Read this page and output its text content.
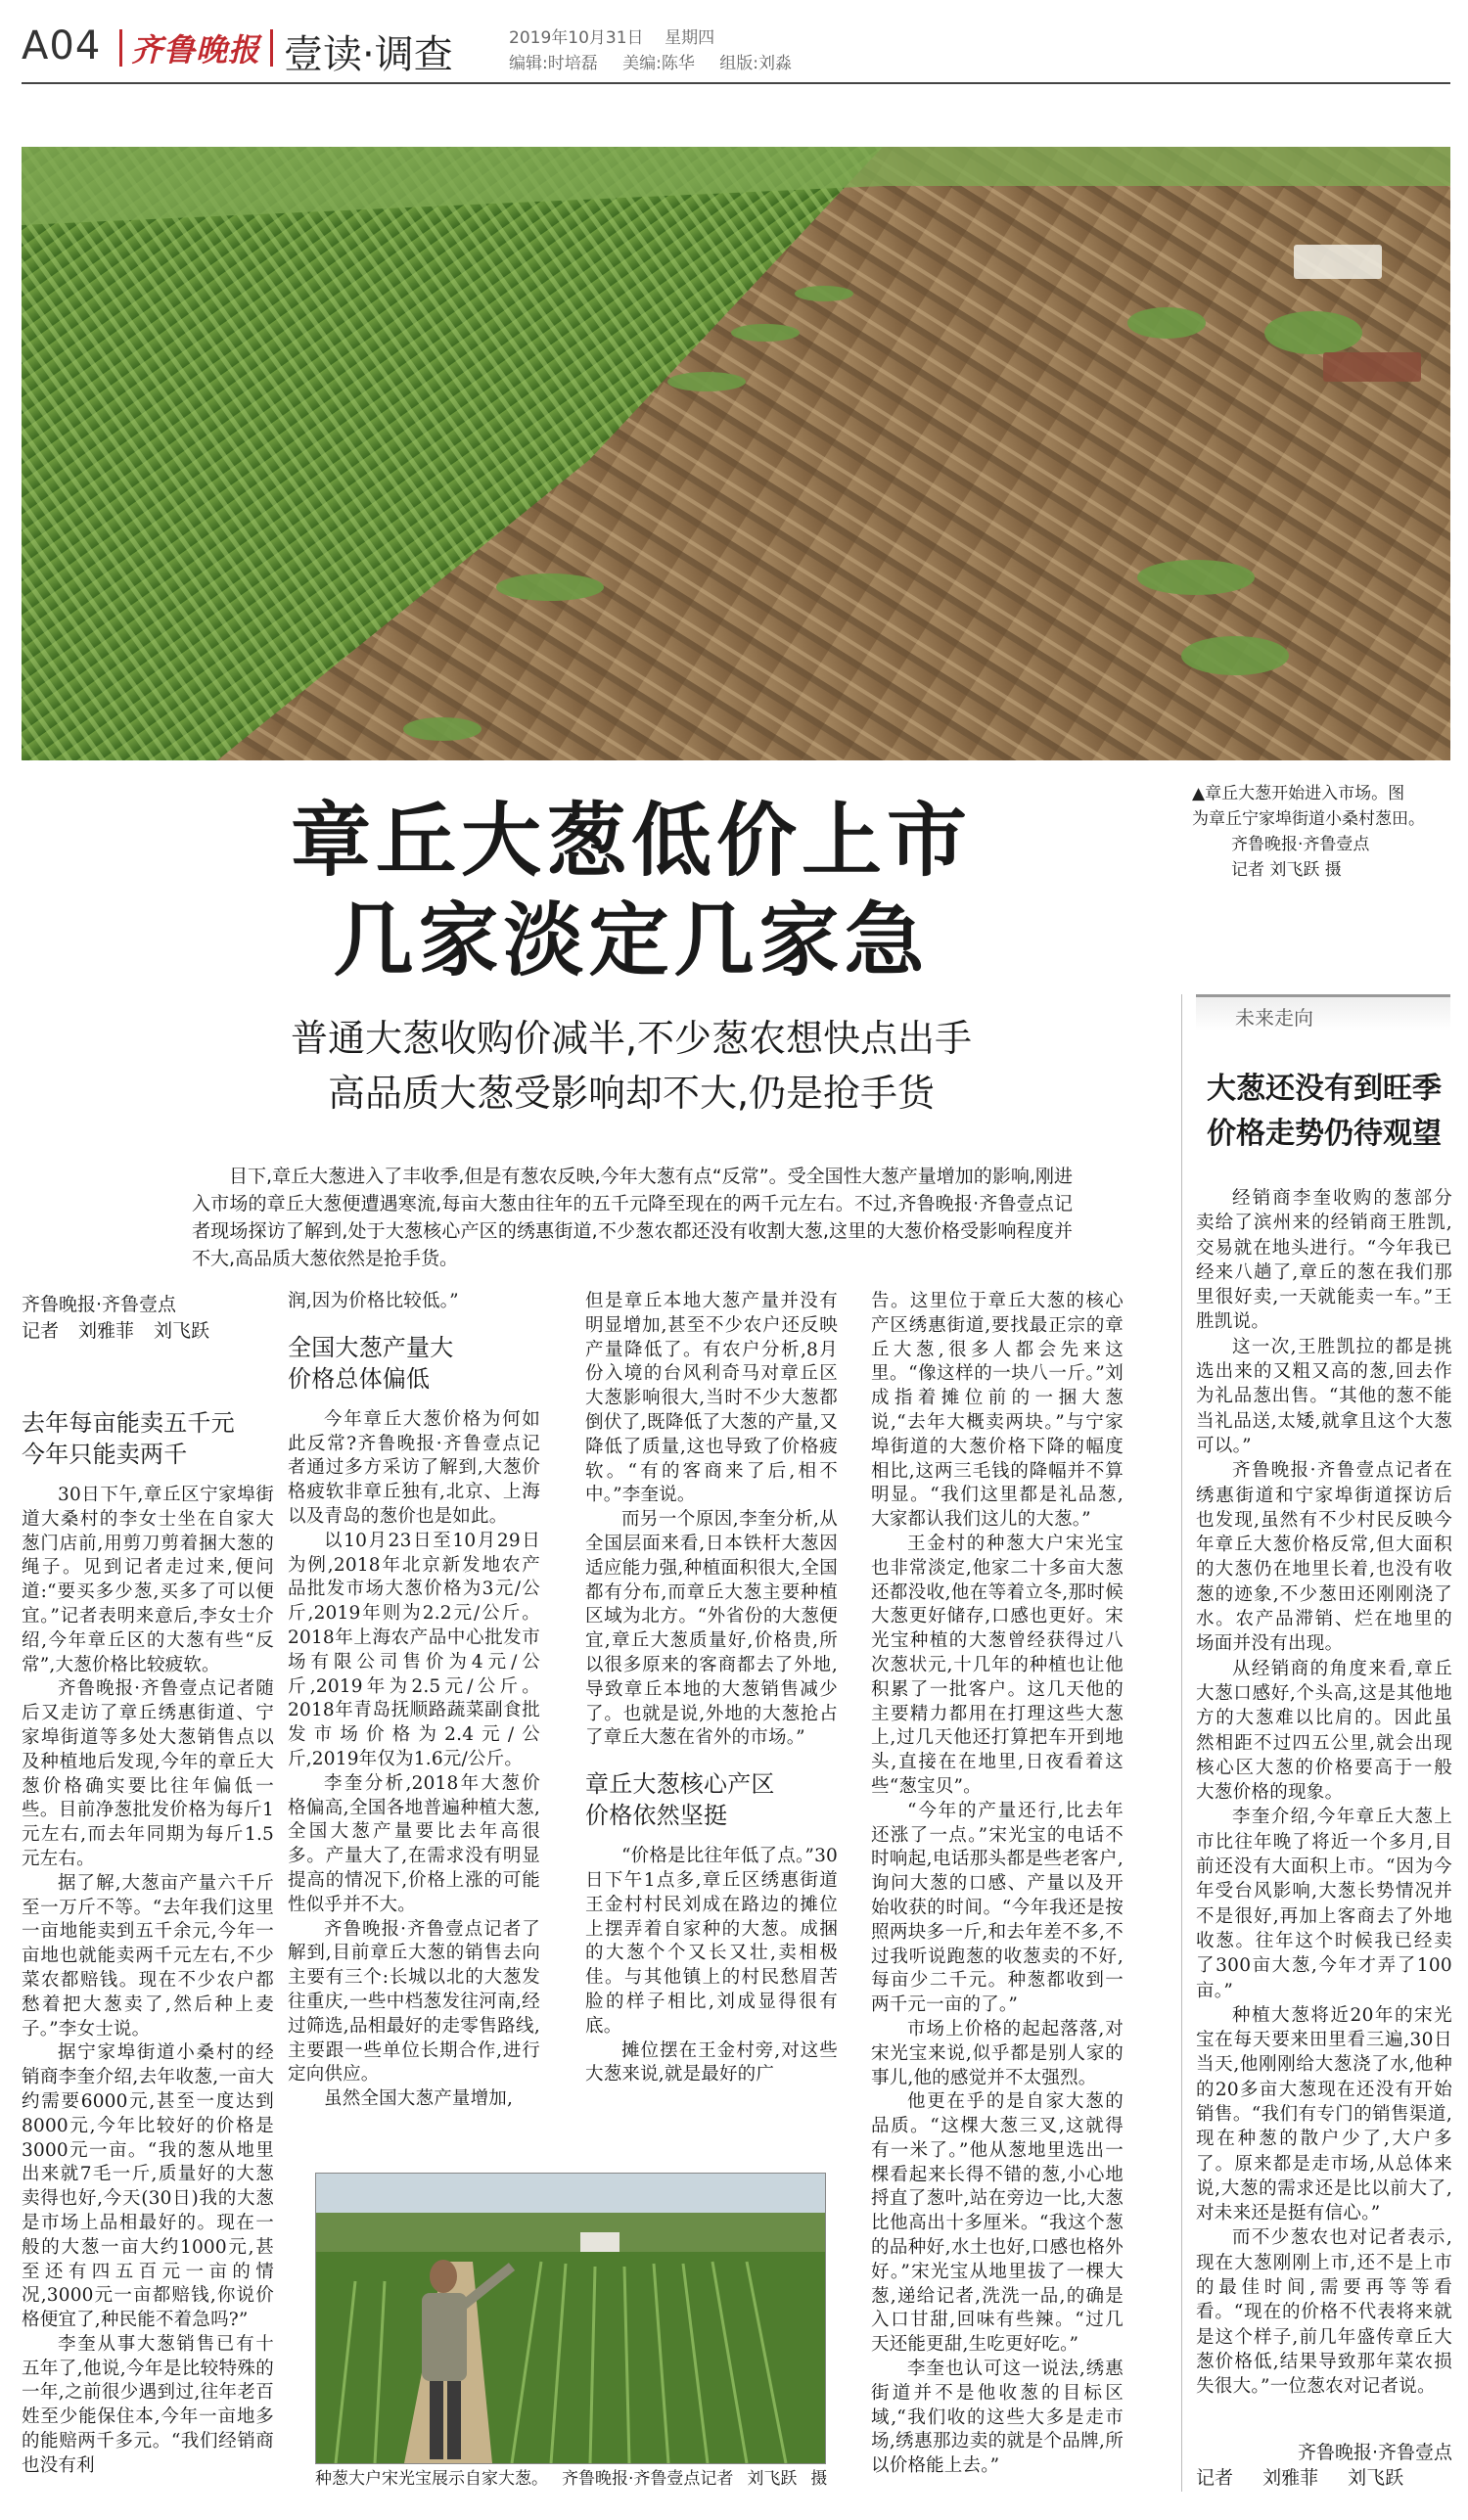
A04 齐鲁晚报 壹读·调查	2019年10月31日 星期四
编辑:时培磊 美编:陈华 组版:刘淼
▲章丘大葱开始进入市场。图
为章丘宁家埠街道小桑村葱田。
齐鲁晚报·齐鲁壹点
记者 刘飞跃 摄
章丘大葱低价上市
几家淡定几家急
普通大葱收购价减半,不少葱农想快点出手
高品质大葱受影响却不大,仍是抢手货
目下,章丘大葱进入了丰收季,但是有葱农反映,今年大葱有点“反常”。受全国性大葱产量增加的影响,刚进入市场的章丘大葱便遭遇寒流,每亩大葱由往年的五千元降至现在的两千元左右。不过,齐鲁晚报·齐鲁壹点记者现场探访了解到,处于大葱核心产区的绣惠街道,不少葱农都还没有收割大葱,这里的大葱价格受影响程度并不大,高品质大葱依然是抢手货。
未来走向
大葱还没有到旺季
价格走势仍待观望

经销商李奎收购的葱部分卖给了滨州来的经销商王胜凯,交易就在地头进行。“今年我已经来八趟了,章丘的葱在我们那里很好卖,一天就能卖一车。”王胜凯说。

这一次,王胜凯拉的都是挑选出来的又粗又高的葱,回去作为礼品葱出售。“其他的葱不能当礼品送,太矮,就拿且这个大葱可以。”

齐鲁晚报·齐鲁壹点记者在绣惠街道和宁家埠街道探访后也发现,虽然有不少村民反映今年章丘大葱价格反常,但大面积的大葱仍在地里长着,也没有收葱的迹象,不少葱田还刚刚浇了水。农产品滞销、烂在地里的场面并没有出现。

从经销商的角度来看,章丘大葱口感好,个头高,这是其他地方的大葱难以比肩的。因此虽然相距不过四五公里,就会出现核心区大葱的价格要高于一般大葱价格的现象。

李奎介绍,今年章丘大葱上市比往年晚了将近一个多月,目前还没有大面积上市。“因为今年受台风影响,大葱长势情况并不是很好,再加上客商去了外地收葱。往年这个时候我已经卖了300亩大葱,今年才弄了100亩。”

种植大葱将近20年的宋光宝在每天要来田里看三遍,30日当天,他刚刚给大葱浇了水,他种的20多亩大葱现在还没有开始销售。“我们有专门的销售渠道,现在种葱的散户少了,大户多了。原来都是走市场,从总体来说,大葱的需求还是比以前大了,对未来还是挺有信心。”

而不少葱农也对记者表示,现在大葱刚刚上市,还不是上市的最佳时间,需要再等等看看。“现在的价格不代表将来就是这个样子,前几年盛传章丘大葱价格低,结果导致那年菜农损失很大。”一位葱农对记者说。

齐鲁晚报·齐鲁壹点
记者 刘雅菲 刘飞跃
齐鲁晚报·齐鲁壹点
记者 刘雅菲 刘飞跃
去年每亩能卖五千元
今年只能卖两千

30日下午,章丘区宁家埠街道大桑村的李女士坐在自家大葱门店前,用剪刀剪着捆大葱的绳子。见到记者走过来,便问道:“要买多少葱,买多了可以便宜。”记者表明来意后,李女士介绍,今年章丘区的大葱有些“反常”,大葱价格比较疲软。

齐鲁晚报·齐鲁壹点记者随后又走访了章丘绣惠街道、宁家埠街道等多处大葱销售点以及种植地后发现,今年的章丘大葱价格确实要比往年偏低一些。目前净葱批发价格为每斤1元左右,而去年同期为每斤1.5元左右。

据了解,大葱亩产量六千斤至一万斤不等。“去年我们这里一亩地能卖到五千余元,今年一亩地也就能卖两千元左右,不少菜农都赔钱。现在不少农户都愁着把大葱卖了,然后种上麦子。”李女士说。

据宁家埠街道小桑村的经销商李奎介绍,去年收葱,一亩大约需要6000元,甚至一度达到8000元,今年比较好的价格是3000元一亩。“我的葱从地里出来就7毛一斤,质量好的大葱卖得也好,今天(30日)我的大葱是市场上品相最好的。现在一般的大葱一亩大约1000元,甚至还有四五百元一亩的情况,3000元一亩都赔钱,你说价格便宜了,种民能不着急吗?”

李奎从事大葱销售已有十五年了,他说,今年是比较特殊的一年,之前很少遇到过,往年老百姓至少能保住本,今年一亩地多的能赔两千多元。“我们经销商也没有利

润,因为价格比较低。”

全国大葱产量大
价格总体偏低

今年章丘大葱价格为何如此反常?齐鲁晚报·齐鲁壹点记者通过多方采访了解到,大葱价格疲软非章丘独有,北京、上海以及青岛的葱价也是如此。

以10月23日至10月29日为例,2018年北京新发地农产品批发市场大葱价格为3元/公斤,2019年则为2.2元/公斤。2018年上海农产品中心批发市场有限公司售价为4元/公斤,2019年为2.5元/公斤。2018年青岛抚顺路蔬菜副食批发市场价格为2.4元/公斤,2019年仅为1.6元/公斤。

李奎分析,2018年大葱价格偏高,全国各地普遍种植大葱,全国大葱产量要比去年高很多。产量大了,在需求没有明显提高的情况下,价格上涨的可能性似乎并不大。

齐鲁晚报·齐鲁壹点记者了解到,目前章丘大葱的销售去向主要有三个:长城以北的大葱发往重庆,一些中档葱发往河南,经过筛选,品相最好的走零售路线,主要跟一些单位长期合作,进行定向供应。

虽然全国大葱产量增加,

但是章丘本地大葱产量并没有明显增加,甚至不少农户还反映产量降低了。有农户分析,8月份入境的台风利奇马对章丘区大葱影响很大,当时不少大葱都倒伏了,既降低了大葱的产量,又降低了质量,这也导致了价格疲软。“有的客商来了后,相不中。”李奎说。

而另一个原因,李奎分析,从全国层面来看,日本铁杆大葱因适应能力强,种植面积很大,全国都有分布,而章丘大葱主要种植区域为北方。“外省份的大葱便宜,章丘大葱质量好,价格贵,所以很多原来的客商都去了外地,导致章丘本地的大葱销售减少了。也就是说,外地的大葱抢占了章丘大葱在省外的市场。”

章丘大葱核心产区
价格依然坚挺

“价格是比往年低了点。”30日下午1点多,章丘区绣惠街道王金村村民刘成在路边的摊位上摆弄着自家种的大葱。成捆的大葱个个又长又壮,卖相极佳。与其他镇上的村民愁眉苦脸的样子相比,刘成显得很有底。

摊位摆在王金村旁,对这些大葱来说,就是最好的广

告。这里位于章丘大葱的核心产区绣惠街道,要找最正宗的章丘大葱,很多人都会先来这里。“像这样的一块八一斤。”刘成指着摊位前的一捆大葱说,“去年大概卖两块。”与宁家埠街道的大葱价格下降的幅度相比,这两三毛钱的降幅并不算明显。“我们这里都是礼品葱,大家都认我们这儿的大葱。”

王金村的种葱大户宋光宝也非常淡定,他家二十多亩大葱还都没收,他在等着立冬,那时候大葱更好储存,口感也更好。宋光宝种植的大葱曾经获得过八次葱状元,十几年的种植也让他积累了一批客户。这几天他的主要精力都用在打理这些大葱上,过几天他还打算把车开到地头,直接在在地里,日夜看着这些“葱宝贝”。

“今年的产量还行,比去年还涨了一点。”宋光宝的电话不时响起,电话那头都是些老客户,询问大葱的口感、产量以及开始收获的时间。“今年我还是按照两块多一斤,和去年差不多,不过我听说跑葱的收葱卖的不好,每亩少二千元。种葱都收到一两千元一亩的了。”

市场上价格的起起落落,对宋光宝来说,似乎都是别人家的事儿,他的感觉并不太强烈。

他更在乎的是自家大葱的品质。“这棵大葱三叉,这就得有一米了。”他从葱地里选出一棵看起来长得不错的葱,小心地捋直了葱叶,站在旁边一比,大葱比他高出十多厘米。“我这个葱的品种好,水土也好,口感也格外好。”宋光宝从地里拔了一棵大葱,递给记者,洗洗一品,的确是入口甘甜,回味有些辣。“过几天还能更甜,生吃更好吃。”

李奎也认可这一说法,绣惠街道并不是他收葱的目标区域,“我们收的这些大多是走市场,绣惠那边卖的就是个品牌,所以价格能上去。”

种葱大户宋光宝展示自家大葱。 齐鲁晚报·齐鲁壹点记者 刘飞跃 摄
